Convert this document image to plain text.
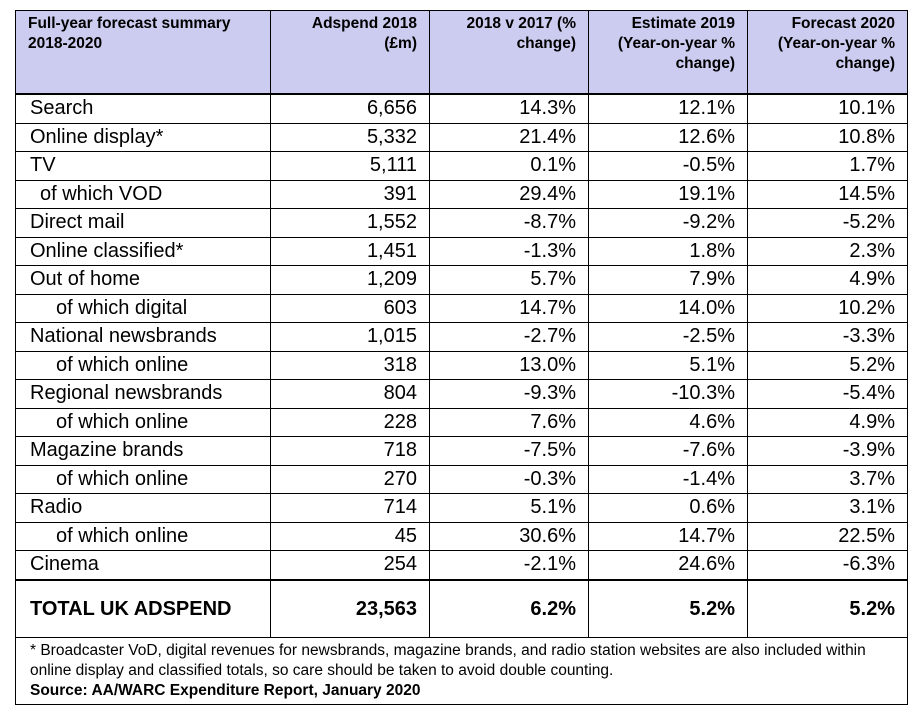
Full-year forecast summary 2018-2020	Adspend 2018 (£m)	2018 v 2017 (% change)	Estimate 2019 (Year-on-year % change)	Forecast 2020 (Year-on-year % change)
Search	6,656	14.3%	12.1%	10.1%
Online display*	5,332	21.4%	12.6%	10.8%
TV	5,111	0.1%	-0.5%	1.7%
of which VOD	391	29.4%	19.1%	14.5%
Direct mail	1,552	-8.7%	-9.2%	-5.2%
Online classified*	1,451	-1.3%	1.8%	2.3%
Out of home	1,209	5.7%	7.9%	4.9%
of which digital	603	14.7%	14.0%	10.2%
National newsbrands	1,015	-2.7%	-2.5%	-3.3%
of which online	318	13.0%	5.1%	5.2%
Regional newsbrands	804	-9.3%	-10.3%	-5.4%
of which online	228	7.6%	4.6%	4.9%
Magazine brands	718	-7.5%	-7.6%	-3.9%
of which online	270	-0.3%	-1.4%	3.7%
Radio	714	5.1%	0.6%	3.1%
of which online	45	30.6%	14.7%	22.5%
Cinema	254	-2.1%	24.6%	-6.3%
TOTAL UK ADSPEND	23,563	6.2%	5.2%	5.2%

* Broadcaster VoD, digital revenues for newsbrands, magazine brands, and radio station websites are also included within online display and classified totals, so care should be taken to avoid double counting.
Source: AA/WARC Expenditure Report, January 2020				
